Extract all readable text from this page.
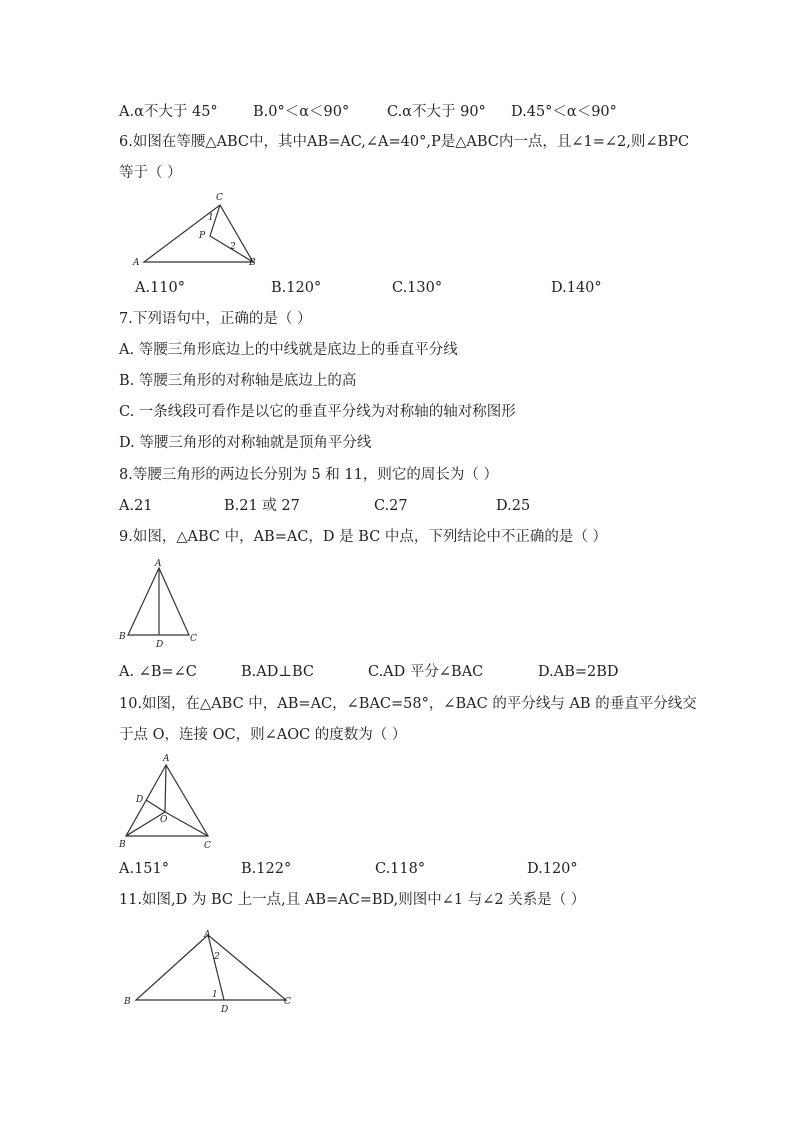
A.α不大于 45° B.0°＜α＜90°	C.α不大于 90° D.45°＜α＜90°
6.如图在等腰△ABC中，其中AB=AC,∠A=40°,P是△ABC内一点，且∠1=∠2,则∠BPC
等于（ ）
A	B
C
P
1
2
A.110°	B.120°	C.130°	D.140°
7.下列语句中，正确的是（ ）
A. 等腰三角形底边上的中线就是底边上的垂直平分线
B. 等腰三角形的对称轴是底边上的高
C. 一条线段可看作是以它的垂直平分线为对称轴的轴对称图形
D. 等腰三角形的对称轴就是顶角平分线
8.等腰三角形的两边长分别为 5 和 11，则它的周长为（ ）
A.21	B.21 或 27	C.27	D.25
9.如图，△ABC 中，AB=AC，D 是 BC 中点，下列结论中不正确的是（ ）
A
B	C
D
A. ∠B=∠C	B.AD⊥BC	C.AD 平分∠BAC	D.AB=2BD
10.如图，在△ABC 中，AB=AC，∠BAC=58°，∠BAC 的平分线与 AB 的垂直平分线交
于点 O，连接 OC，则∠AOC 的度数为（ ）
A
B	C
D
O
A.151°	B.122°	C.118°	D.120°
11.如图,D 为 BC 上一点,且 AB=AC=BD,则图中∠1 与∠2 关系是（ ）
A
B	C
D
1
2
